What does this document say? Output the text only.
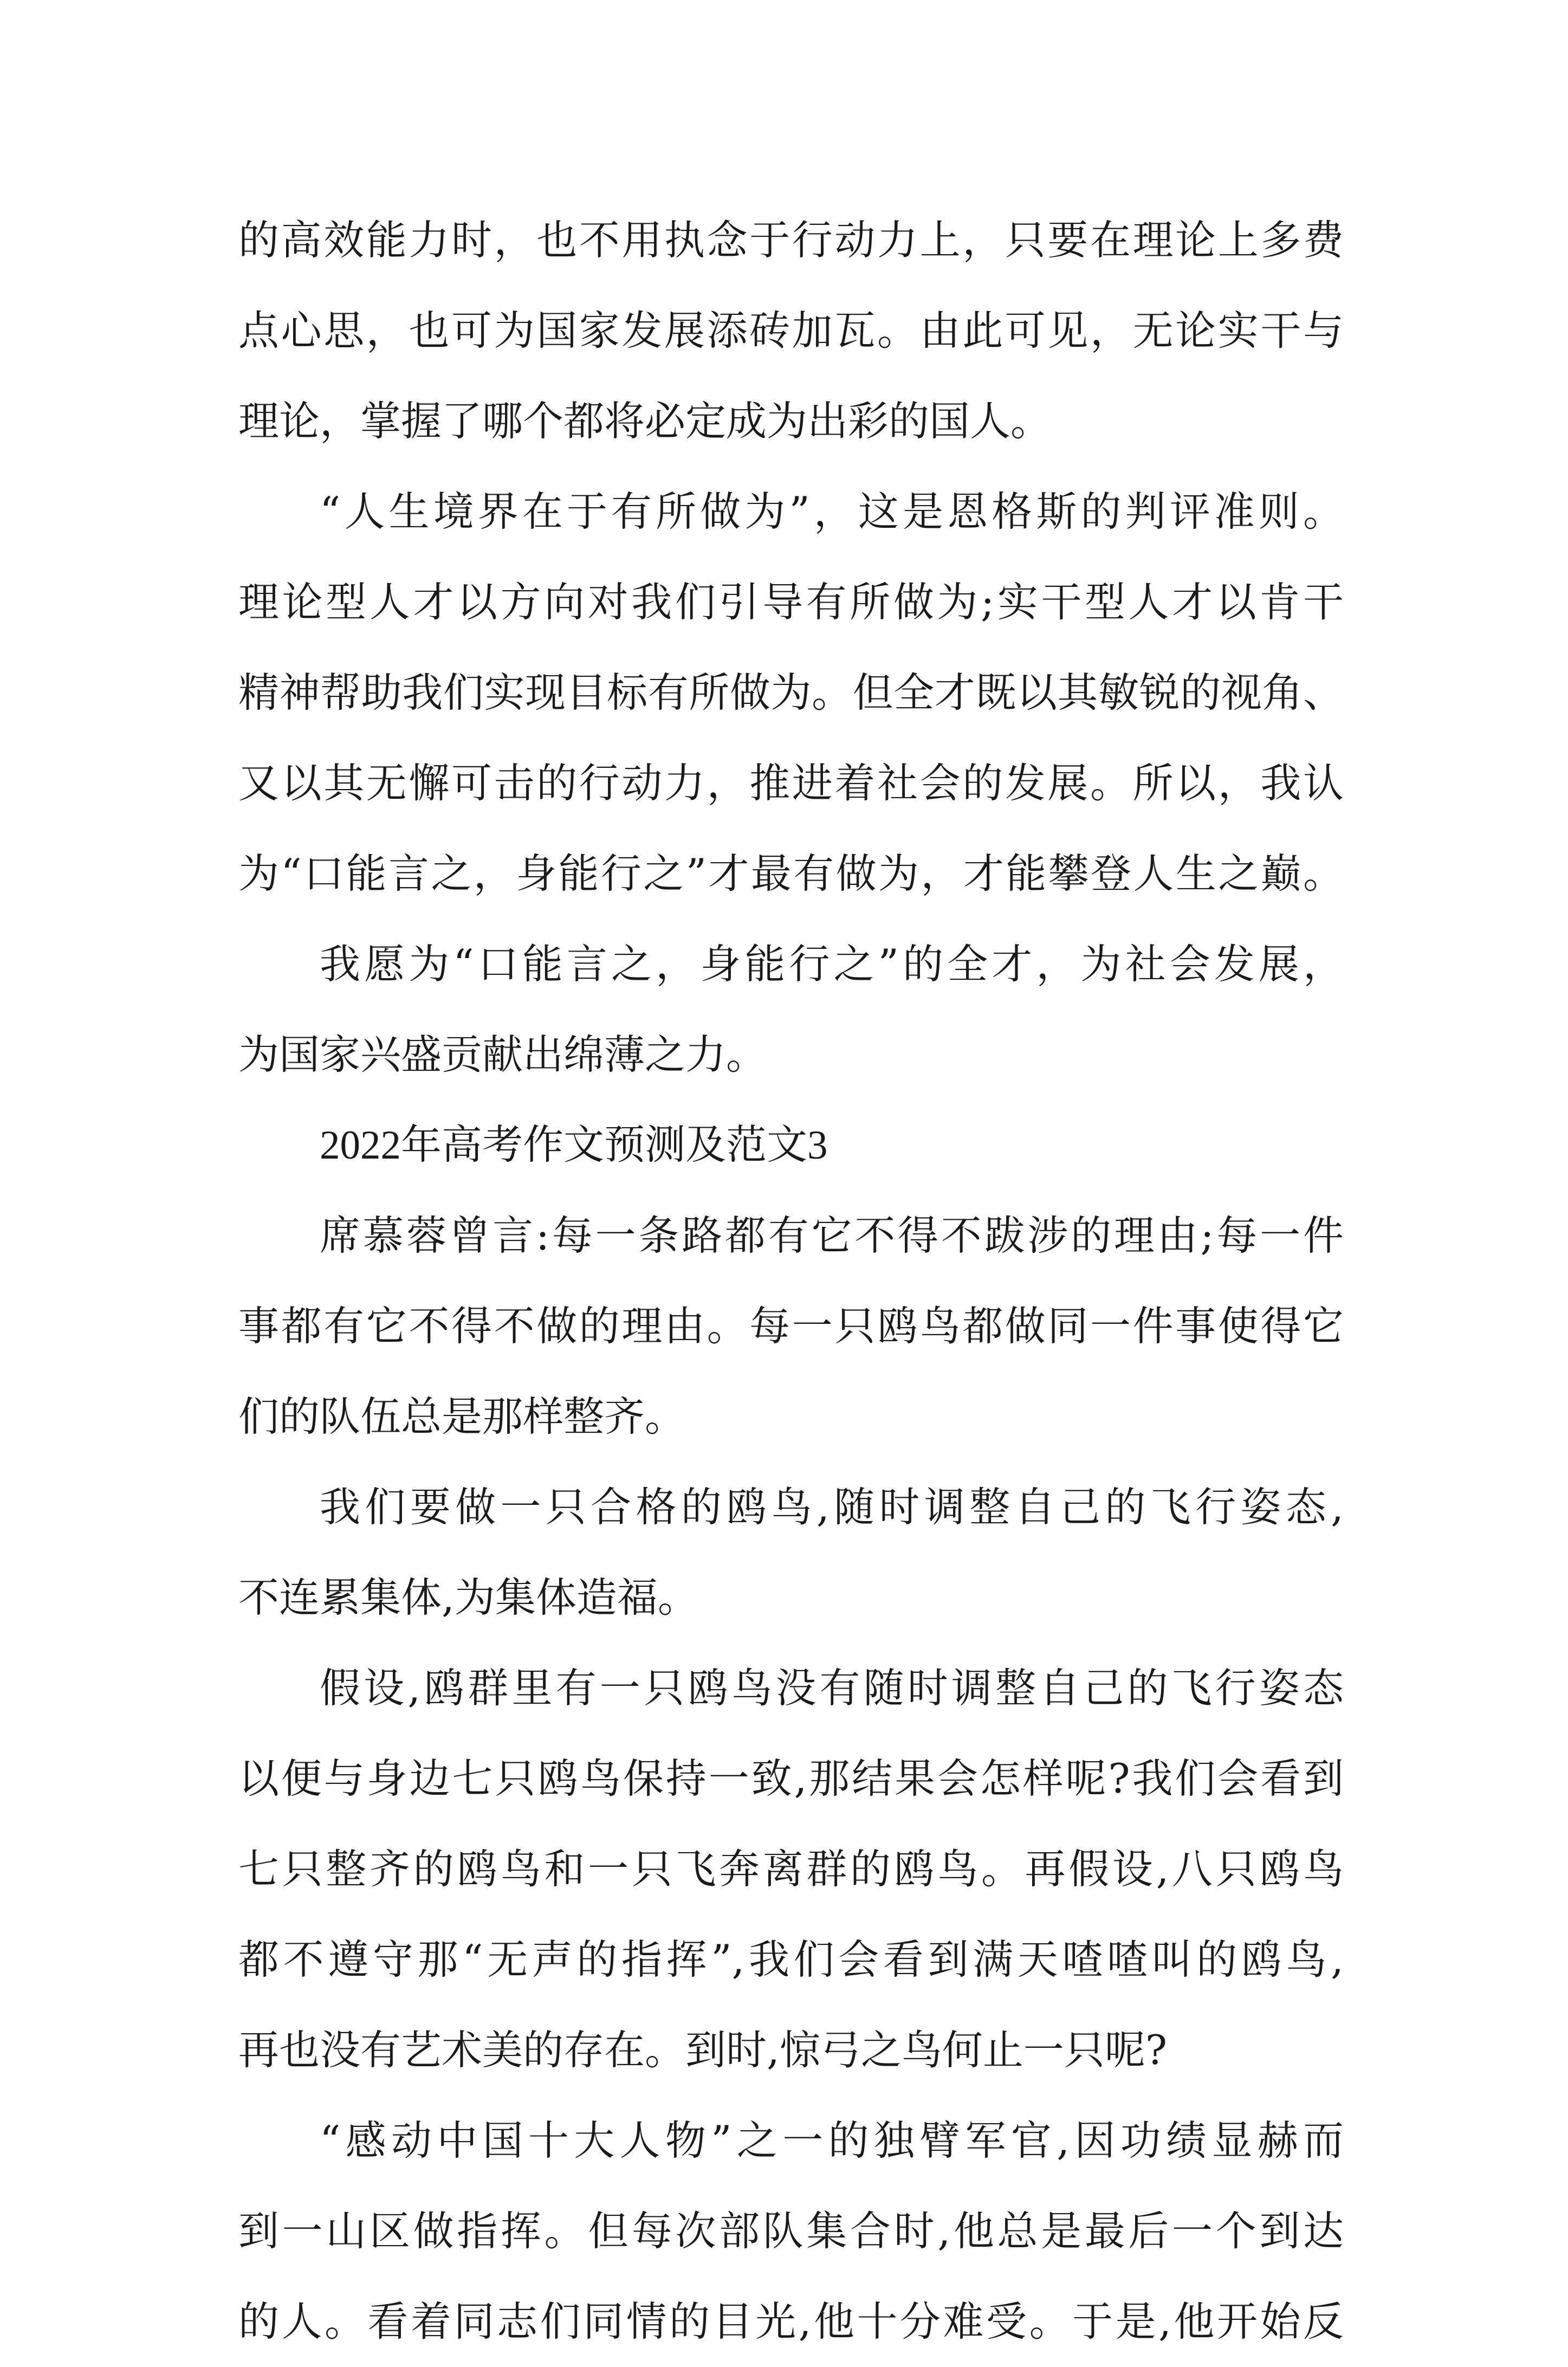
的高效能力时，也不用执念于行动力上，只要在理论上多费
点心思，也可为国家发展添砖加瓦。由此可见，无论实干与
理论，掌握了哪个都将必定成为出彩的国人。
“人生境界在于有所做为”，这是恩格斯的判评准则。
理论型人才以方向对我们引导有所做为;实干型人才以肯干
精神帮助我们实现目标有所做为。但全才既以其敏锐的视角、
又以其无懈可击的行动力，推进着社会的发展。所以，我认
为“口能言之，身能行之”才最有做为，才能攀登人生之巅。
我愿为“口能言之，身能行之”的全才，为社会发展，
为国家兴盛贡献出绵薄之力。
2022年高考作文预测及范文3
席慕蓉曾言:每一条路都有它不得不跋涉的理由;每一件
事都有它不得不做的理由。每一只鸥鸟都做同一件事使得它
们的队伍总是那样整齐。
我们要做一只合格的鸥鸟,随时调整自己的飞行姿态,
不连累集体,为集体造福。
假设,鸥群里有一只鸥鸟没有随时调整自己的飞行姿态
以便与身边七只鸥鸟保持一致,那结果会怎样呢?我们会看到
七只整齐的鸥鸟和一只飞奔离群的鸥鸟。再假设,八只鸥鸟
都不遵守那“无声的指挥”,我们会看到满天喳喳叫的鸥鸟,
再也没有艺术美的存在。到时,惊弓之鸟何止一只呢?
“感动中国十大人物”之一的独臂军官,因功绩显赫而
到一山区做指挥。但每次部队集合时,他总是最后一个到达
的人。看着同志们同情的目光,他十分难受。于是,他开始反
